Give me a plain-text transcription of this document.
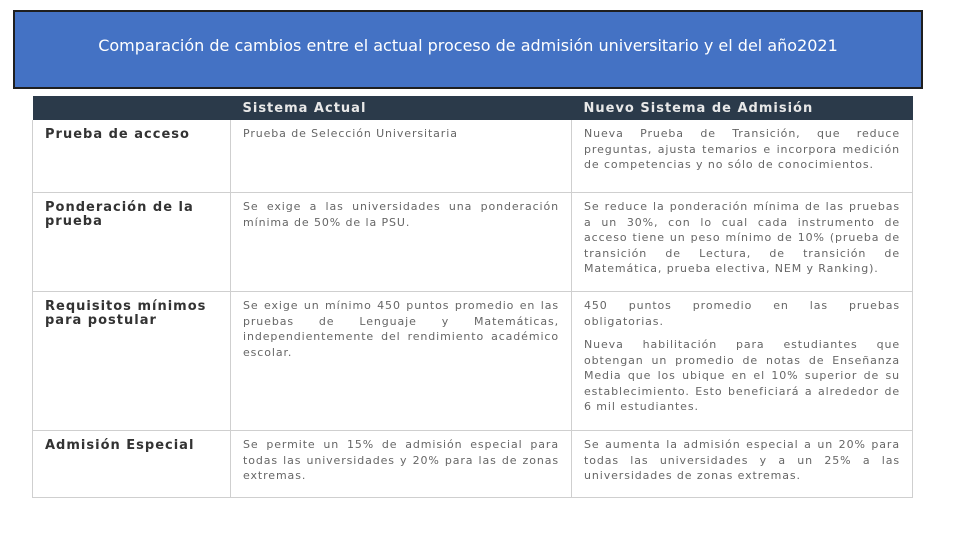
Comparación de cambios entre el actual proceso de admisión universitario y el del año2021
	Sistema Actual	Nuevo Sistema de Admisión
Prueba de acceso	Prueba de Selección Universitaria	Nueva Prueba de Transición, que reduce preguntas, ajusta temarios e incorpora medición de competencias y no sólo de conocimientos.

Ponderación de la prueba	Se exige a las universidades una ponderación mínima de 50% de la PSU.	Se reduce la ponderación mínima de las pruebas a un 30%, con lo cual cada instrumento de acceso tiene un peso mínimo de 10% (prueba de transición de Lectura, de transición de Matemática, prueba electiva, NEM y Ranking).

Requisitos mínimos para postular	Se exige un mínimo 450 puntos promedio en las pruebas de Lenguaje y Matemáticas, independientemente del rendimiento académico escolar.	450 puntos promedio en las pruebas obligatorias.
Nueva habilitación para estudiantes que obtengan un promedio de notas de Enseñanza Media que los ubique en el 10% superior de su establecimiento. Esto beneficiará a alrededor de 6 mil estudiantes.

Admisión Especial	Se permite un 15% de admisión especial para todas las universidades y 20% para las de zonas extremas.	Se aumenta la admisión especial a un 20% para todas las universidades y a un 25% a las universidades de zonas extremas.
